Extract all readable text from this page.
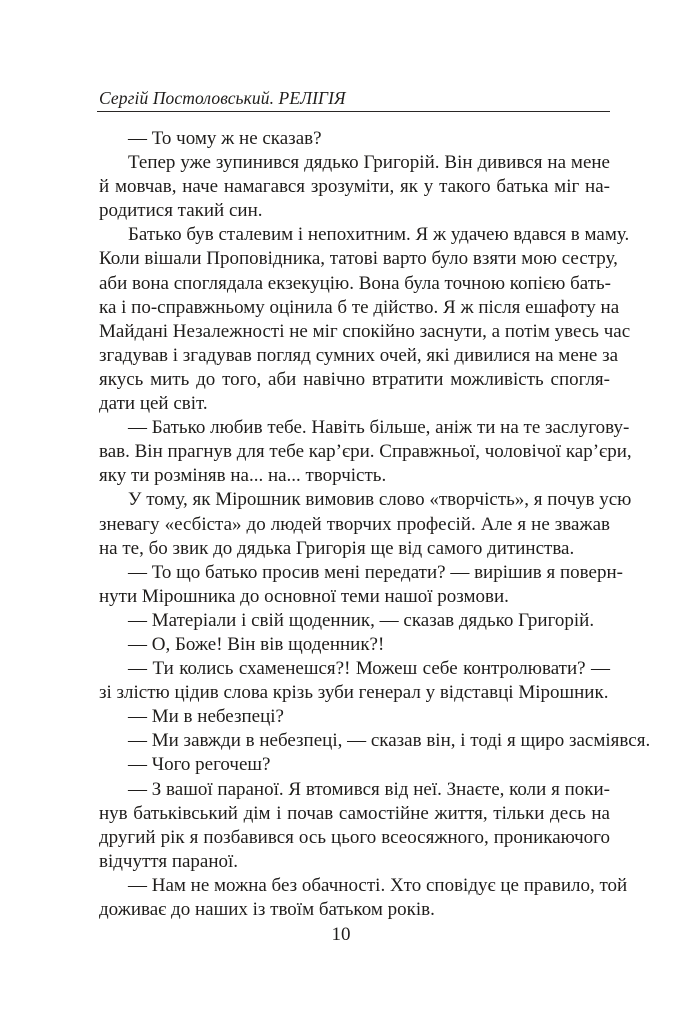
Сергій Постоловський. РЕЛІГІЯ
— То чому ж не сказав?
Тепер уже зупинився дядько Григорій. Він дивився на мене
й мовчав, наче намагався зрозуміти, як у такого батька міг на-
родитися такий син.
Батько був сталевим і непохитним. Я ж удачею вдався в маму.
Коли вішали Проповідника, татові варто було взяти мою сестру,
аби вона споглядала екзекуцію. Вона була точною копією бать-
ка і по-справжньому оцінила б те дійство. Я ж після ешафоту на
Майдані Незалежності не міг спокійно заснути, а потім увесь час
згадував і згадував погляд сумних очей, які дивилися на мене за
якусь мить до того, аби навічно втратити можливість спогля-
дати цей світ.
— Батько любив тебе. Навіть більше, аніж ти на те заслугову-
вав. Він прагнув для тебе кар’єри. Справжньої, чоловічої кар’єри,
яку ти розміняв на... на... творчість.
У тому, як Мірошник вимовив слово «творчість», я почув усю
зневагу «есбіста» до людей творчих професій. Але я не зважав
на те, бо звик до дядька Григорія ще від самого дитинства.
— То що батько просив мені передати? — вирішив я поверн-
нути Мірошника до основної теми нашої розмови.
— Матеріали і свій щоденник, — сказав дядько Григорій.
— О, Боже! Він вів щоденник?!
— Ти колись схаменешся?! Можеш себе контролювати? —
зі злістю цідив слова крізь зуби генерал у відставці Мірошник.
— Ми в небезпеці?
— Ми завжди в небезпеці, — сказав він, і тоді я щиро засміявся.
— Чого регочеш?
— З вашої параної. Я втомився від неї. Знаєте, коли я поки-
нув батьківський дім і почав самостійне життя, тільки десь на
другий рік я позбавився ось цього всеосяжного, проникаючого
відчуття параної.
— Нам не можна без обачності. Хто сповідує це правило, той
доживає до наших із твоїм батьком років.
10
